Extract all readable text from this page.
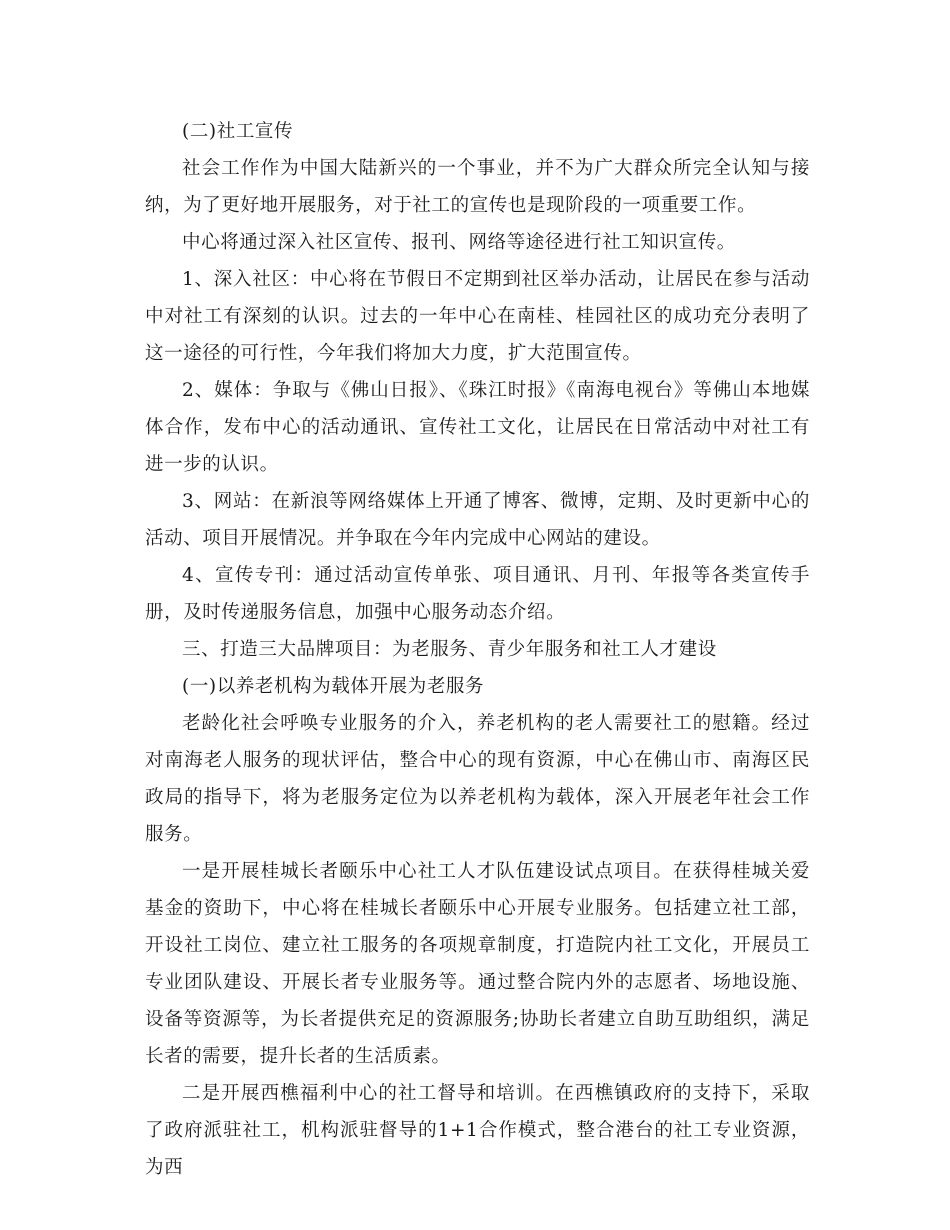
(二)社工宣传

社会工作作为中国大陆新兴的一个事业，并不为广大群众所完全认知与接纳，为了更好地开展服务，对于社工的宣传也是现阶段的一项重要工作。

中心将通过深入社区宣传、报刊、网络等途径进行社工知识宣传。

1、深入社区：中心将在节假日不定期到社区举办活动，让居民在参与活动中对社工有深刻的认识。过去的一年中心在南桂、桂园社区的成功充分表明了这一途径的可行性，今年我们将加大力度，扩大范围宣传。

2、媒体：争取与《佛山日报》、《珠江时报》《南海电视台》等佛山本地媒体合作，发布中心的活动通讯、宣传社工文化，让居民在日常活动中对社工有进一步的认识。

3、网站：在新浪等网络媒体上开通了博客、微博，定期、及时更新中心的活动、项目开展情况。并争取在今年内完成中心网站的建设。

4、宣传专刊：通过活动宣传单张、项目通讯、月刊、年报等各类宣传手册，及时传递服务信息，加强中心服务动态介绍。

三、打造三大品牌项目：为老服务、青少年服务和社工人才建设

(一)以养老机构为载体开展为老服务

老龄化社会呼唤专业服务的介入，养老机构的老人需要社工的慰籍。经过对南海老人服务的现状评估，整合中心的现有资源，中心在佛山市、南海区民政局的指导下，将为老服务定位为以养老机构为载体，深入开展老年社会工作服务。

一是开展桂城长者颐乐中心社工人才队伍建设试点项目。在获得桂城关爱基金的资助下，中心将在桂城长者颐乐中心开展专业服务。包括建立社工部，开设社工岗位、建立社工服务的各项规章制度，打造院内社工文化，开展员工专业团队建设、开展长者专业服务等。通过整合院内外的志愿者、场地设施、设备等资源等，为长者提供充足的资源服务;协助长者建立自助互助组织，满足长者的需要，提升长者的生活质素。

二是开展西樵福利中心的社工督导和培训。在西樵镇政府的支持下，采取了政府派驻社工，机构派驻督导的1+1合作模式，整合港台的社工专业资源，为西
